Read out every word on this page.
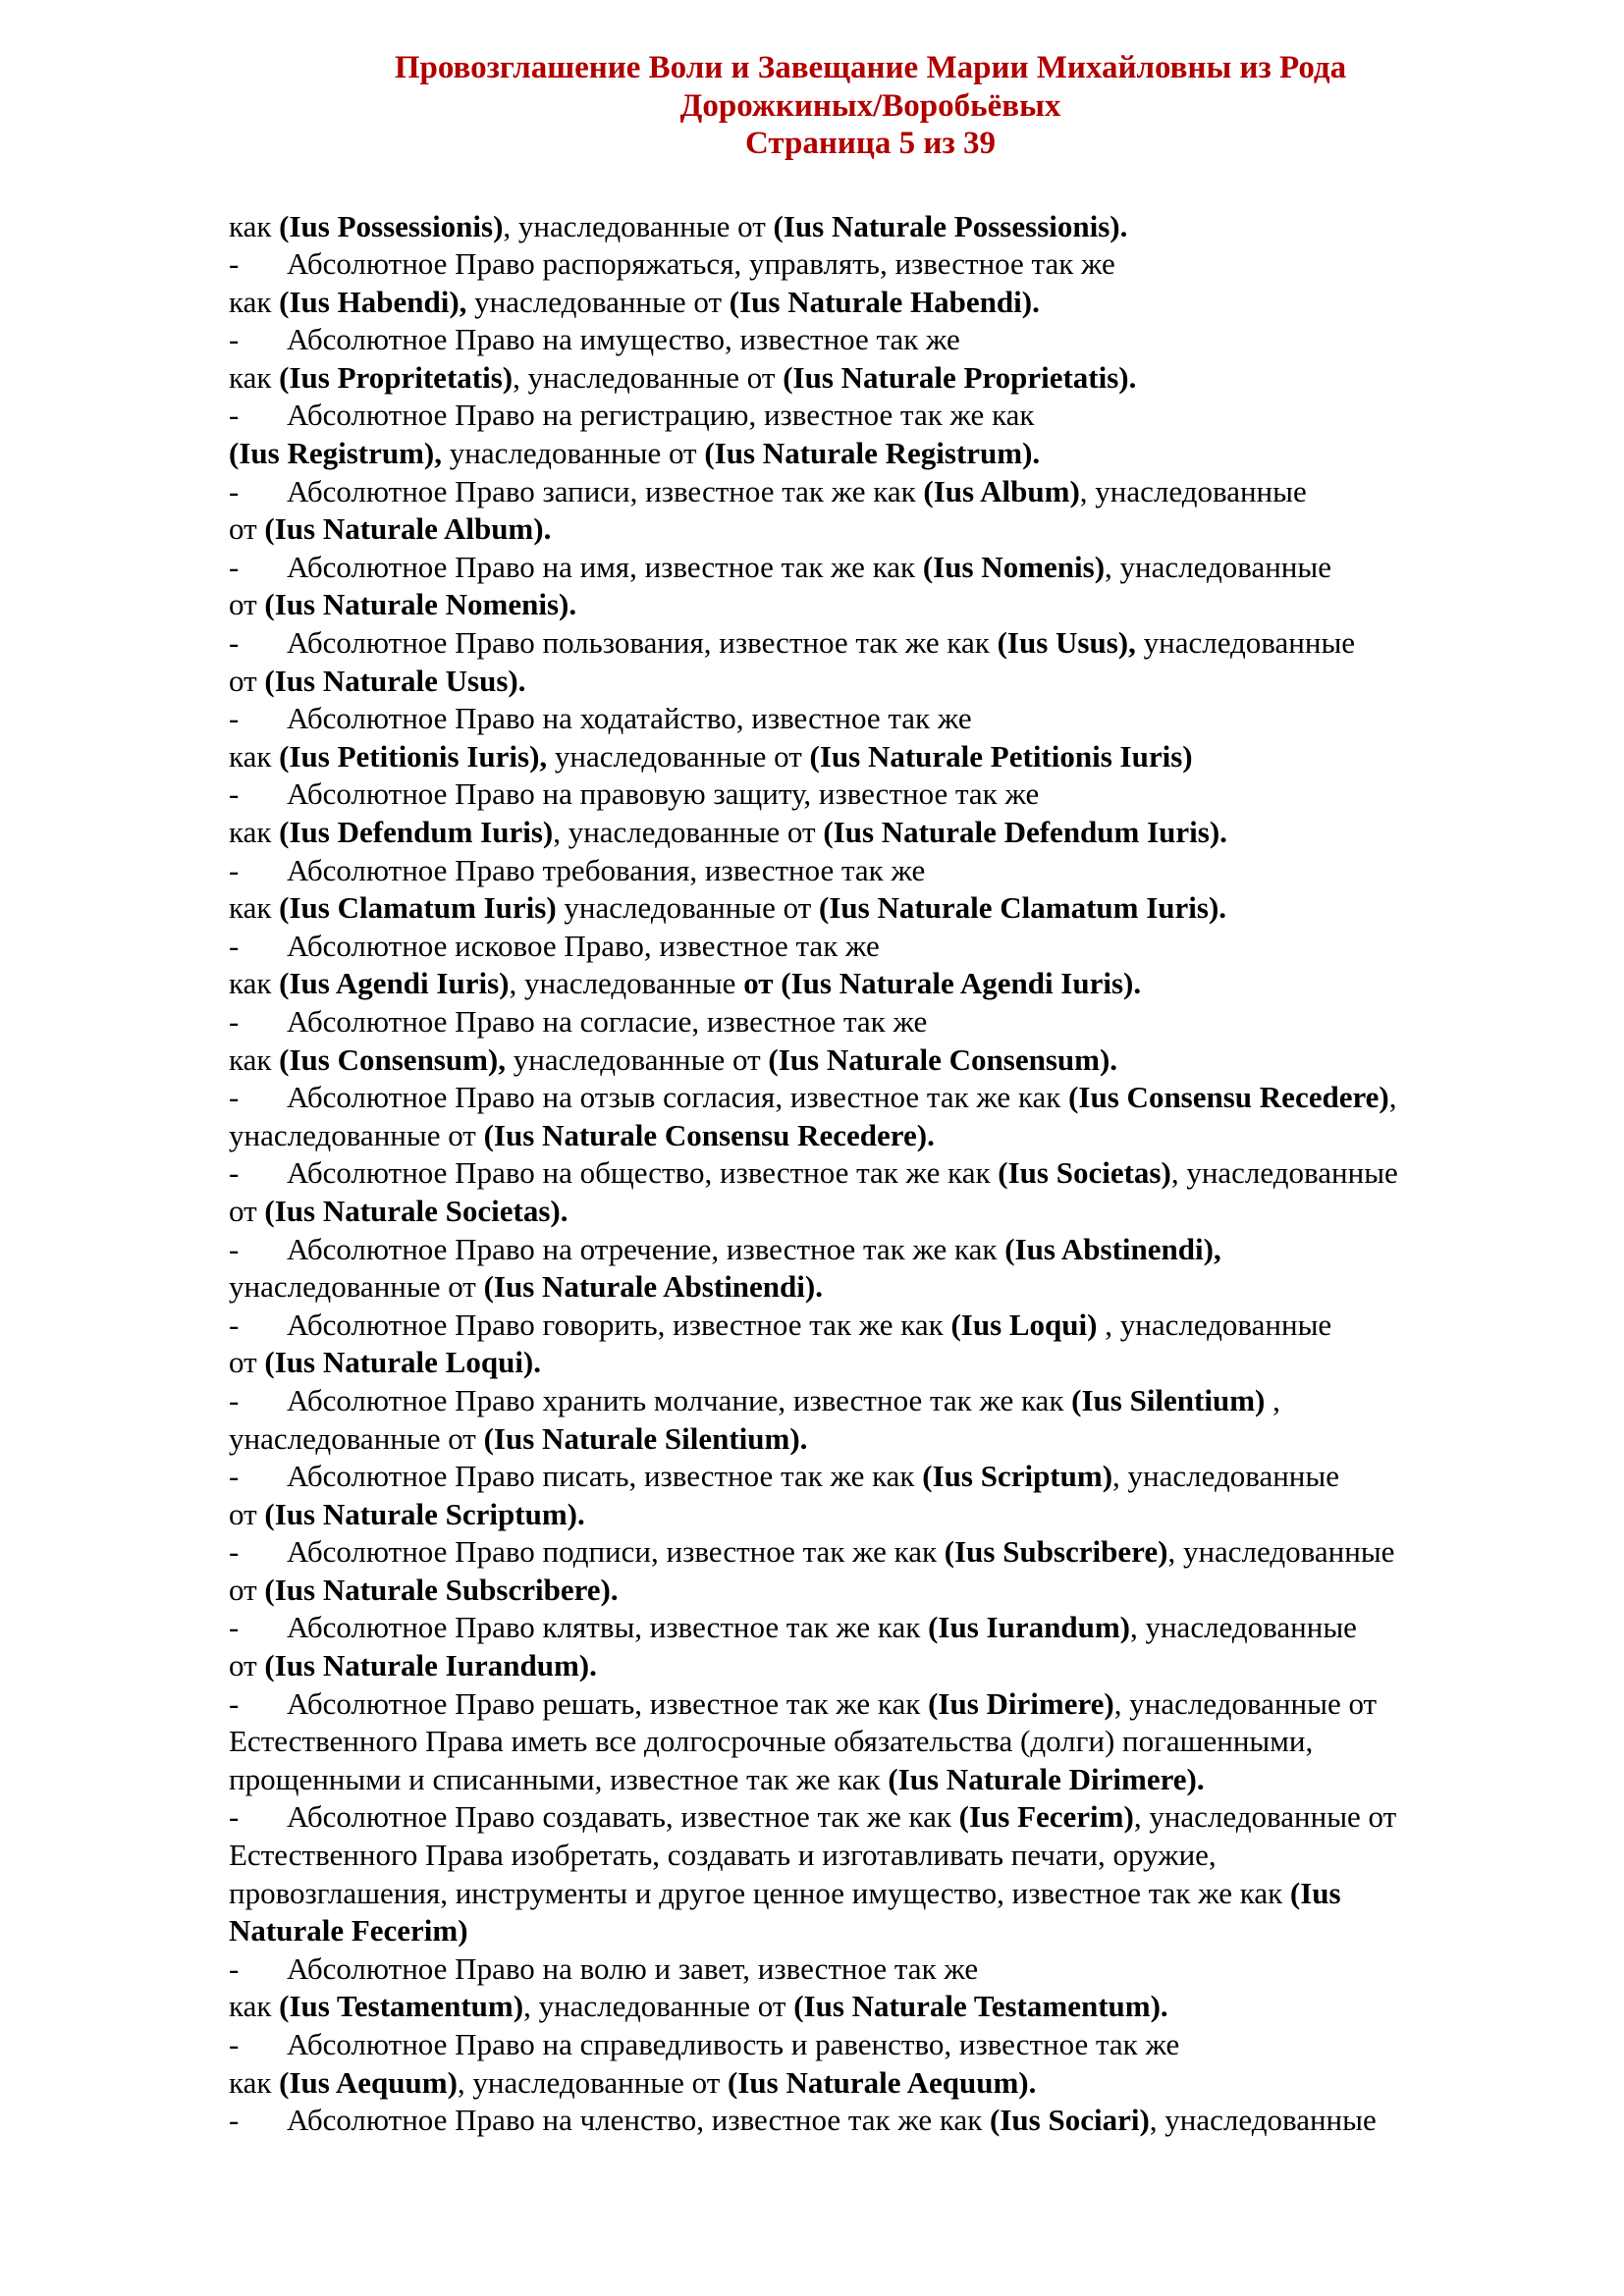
Провозглашение Воли и Завещание Марии Михайловны из Рода
Дорожкиных/Воробьёвых
Страница 5 из 39
как (Ius Possessionis), унаследованные от (Ius Naturale Possessionis).
- Абсолютное Право распоряжаться, управлять, известное так же
как (Ius Habendi), унаследованные от (Ius Naturale Habendi).
- Абсолютное Право на имущество, известное так же
как (Ius Propritetatis), унаследованные от (Ius Naturale Proprietatis).
- Абсолютное Право на регистрацию, известное так же как
(Ius Registrum), унаследованные от (Ius Naturale Registrum).
- Абсолютное Право записи, известное так же как (Ius Album), унаследованные
от (Ius Naturale Album).
- Абсолютное Право на имя, известное так же как (Ius Nomenis), унаследованные
от (Ius Naturale Nomenis).
- Абсолютное Право пользования, известное так же как (Ius Usus), унаследованные
от (Ius Naturale Usus).
- Абсолютное Право на ходатайство, известное так же
как (Ius Petitionis Iuris), унаследованные от (Ius Naturale Petitionis Iuris)
- Абсолютное Право на правовую защиту, известное так же
как (Ius Defendum Iuris), унаследованные от (Ius Naturale Defendum Iuris).
- Абсолютное Право требования, известное так же
как (Ius Clamatum Iuris) унаследованные от (Ius Naturale Clamatum Iuris).
- Абсолютное исковое Право, известное так же
как (Ius Agendi Iuris), унаследованные от (Ius Naturale Agendi Iuris).
- Абсолютное Право на согласие, известное так же
как (Ius Consensum), унаследованные от (Ius Naturale Consensum).
- Абсолютное Право на отзыв согласия, известное так же как (Ius Consensu Recedere),
унаследованные от (Ius Naturale Consensu Recedere).
- Абсолютное Право на общество, известное так же как (Ius Societas), унаследованные
от (Ius Naturale Societas).
- Абсолютное Право на отречение, известное так же как (Ius Abstinendi),
унаследованные от (Ius Naturale Abstinendi).
- Абсолютное Право говорить, известное так же как (Ius Loqui) , унаследованные
от (Ius Naturale Loqui).
- Абсолютное Право хранить молчание, известное так же как (Ius Silentium) ,
унаследованные от (Ius Naturale Silentium).
- Абсолютное Право писать, известное так же как (Ius Scriptum), унаследованные
от (Ius Naturale Scriptum).
- Абсолютное Право подписи, известное так же как (Ius Subscribere), унаследованные
от (Ius Naturale Subscribere).
- Абсолютное Право клятвы, известное так же как (Ius Iurandum), унаследованные
от (Ius Naturale Iurandum).
- Абсолютное Право решать, известное так же как (Ius Dirimere), унаследованные от
Естественного Права иметь все долгосрочные обязательства (долги) погашенными,
прощенными и списанными, известное так же как (Ius Naturale Dirimere).
- Абсолютное Право создавать, известное так же как (Ius Fecerim), унаследованные от
Естественного Права изобретать, создавать и изготавливать печати, оружие,
провозглашения, инструменты и другое ценное имущество, известное так же как (Ius
Naturale Fecerim)
- Абсолютное Право на волю и завет, известное так же
как (Ius Testamentum), унаследованные от (Ius Naturale Testamentum).
- Абсолютное Право на справедливость и равенство, известное так же
как (Ius Aequum), унаследованные от (Ius Naturale Aequum).
- Абсолютное Право на членство, известное так же как (Ius Sociari), унаследованные
